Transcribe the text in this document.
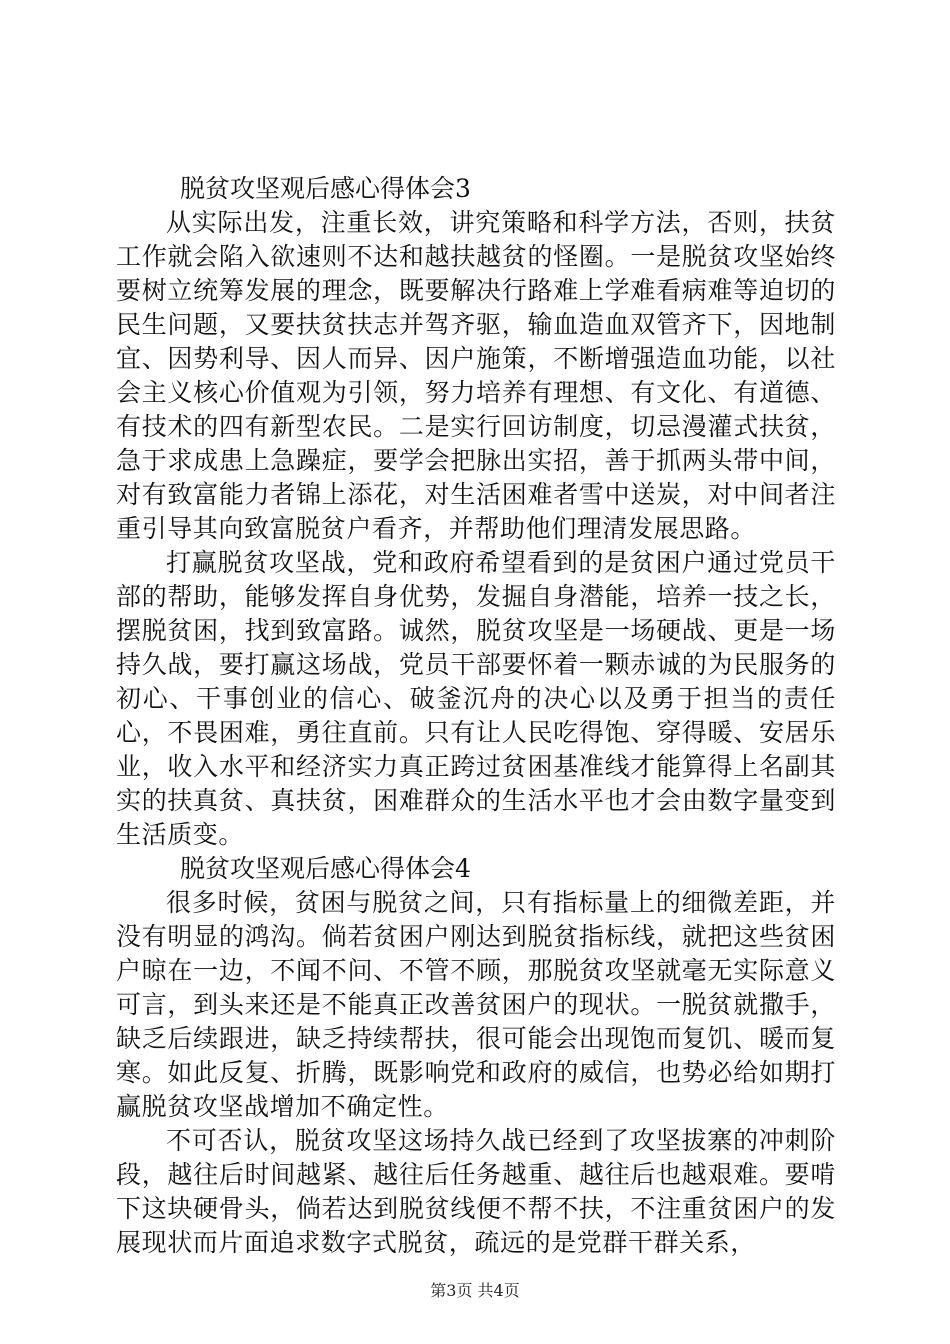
脱贫攻坚观后感心得体会3

从实际出发，注重长效，讲究策略和科学方法，否则，扶贫工作就会陷入欲速则不达和越扶越贫的怪圈。一是脱贫攻坚始终要树立统筹发展的理念，既要解决行路难上学难看病难等迫切的民生问题，又要扶贫扶志并驾齐驱，输血造血双管齐下，因地制宜、因势利导、因人而异、因户施策，不断增强造血功能，以社会主义核心价值观为引领，努力培养有理想、有文化、有道德、有技术的四有新型农民。二是实行回访制度，切忌漫灌式扶贫，急于求成患上急躁症，要学会把脉出实招，善于抓两头带中间，对有致富能力者锦上添花，对生活困难者雪中送炭，对中间者注重引导其向致富脱贫户看齐，并帮助他们理清发展思路。

打赢脱贫攻坚战，党和政府希望看到的是贫困户通过党员干部的帮助，能够发挥自身优势，发掘自身潜能，培养一技之长，摆脱贫困，找到致富路。诚然，脱贫攻坚是一场硬战、更是一场持久战，要打赢这场战，党员干部要怀着一颗赤诚的为民服务的初心、干事创业的信心、破釜沉舟的决心以及勇于担当的责任心，不畏困难，勇往直前。只有让人民吃得饱、穿得暖、安居乐业，收入水平和经济实力真正跨过贫困基准线才能算得上名副其实的扶真贫、真扶贫，困难群众的生活水平也才会由数字量变到生活质变。

脱贫攻坚观后感心得体会4

很多时候，贫困与脱贫之间，只有指标量上的细微差距，并没有明显的鸿沟。倘若贫困户刚达到脱贫指标线，就把这些贫困户晾在一边，不闻不问、不管不顾，那脱贫攻坚就毫无实际意义可言，到头来还是不能真正改善贫困户的现状。一脱贫就撒手，缺乏后续跟进，缺乏持续帮扶，很可能会出现饱而复饥、暖而复寒。如此反复、折腾，既影响党和政府的威信，也势必给如期打赢脱贫攻坚战增加不确定性。

不可否认，脱贫攻坚这场持久战已经到了攻坚拔寨的冲刺阶段，越往后时间越紧、越往后任务越重、越往后也越艰难。要啃下这块硬骨头，倘若达到脱贫线便不帮不扶，不注重贫困户的发展现状而片面追求数字式脱贫，疏远的是党群干群关系，

第3页 共4页
